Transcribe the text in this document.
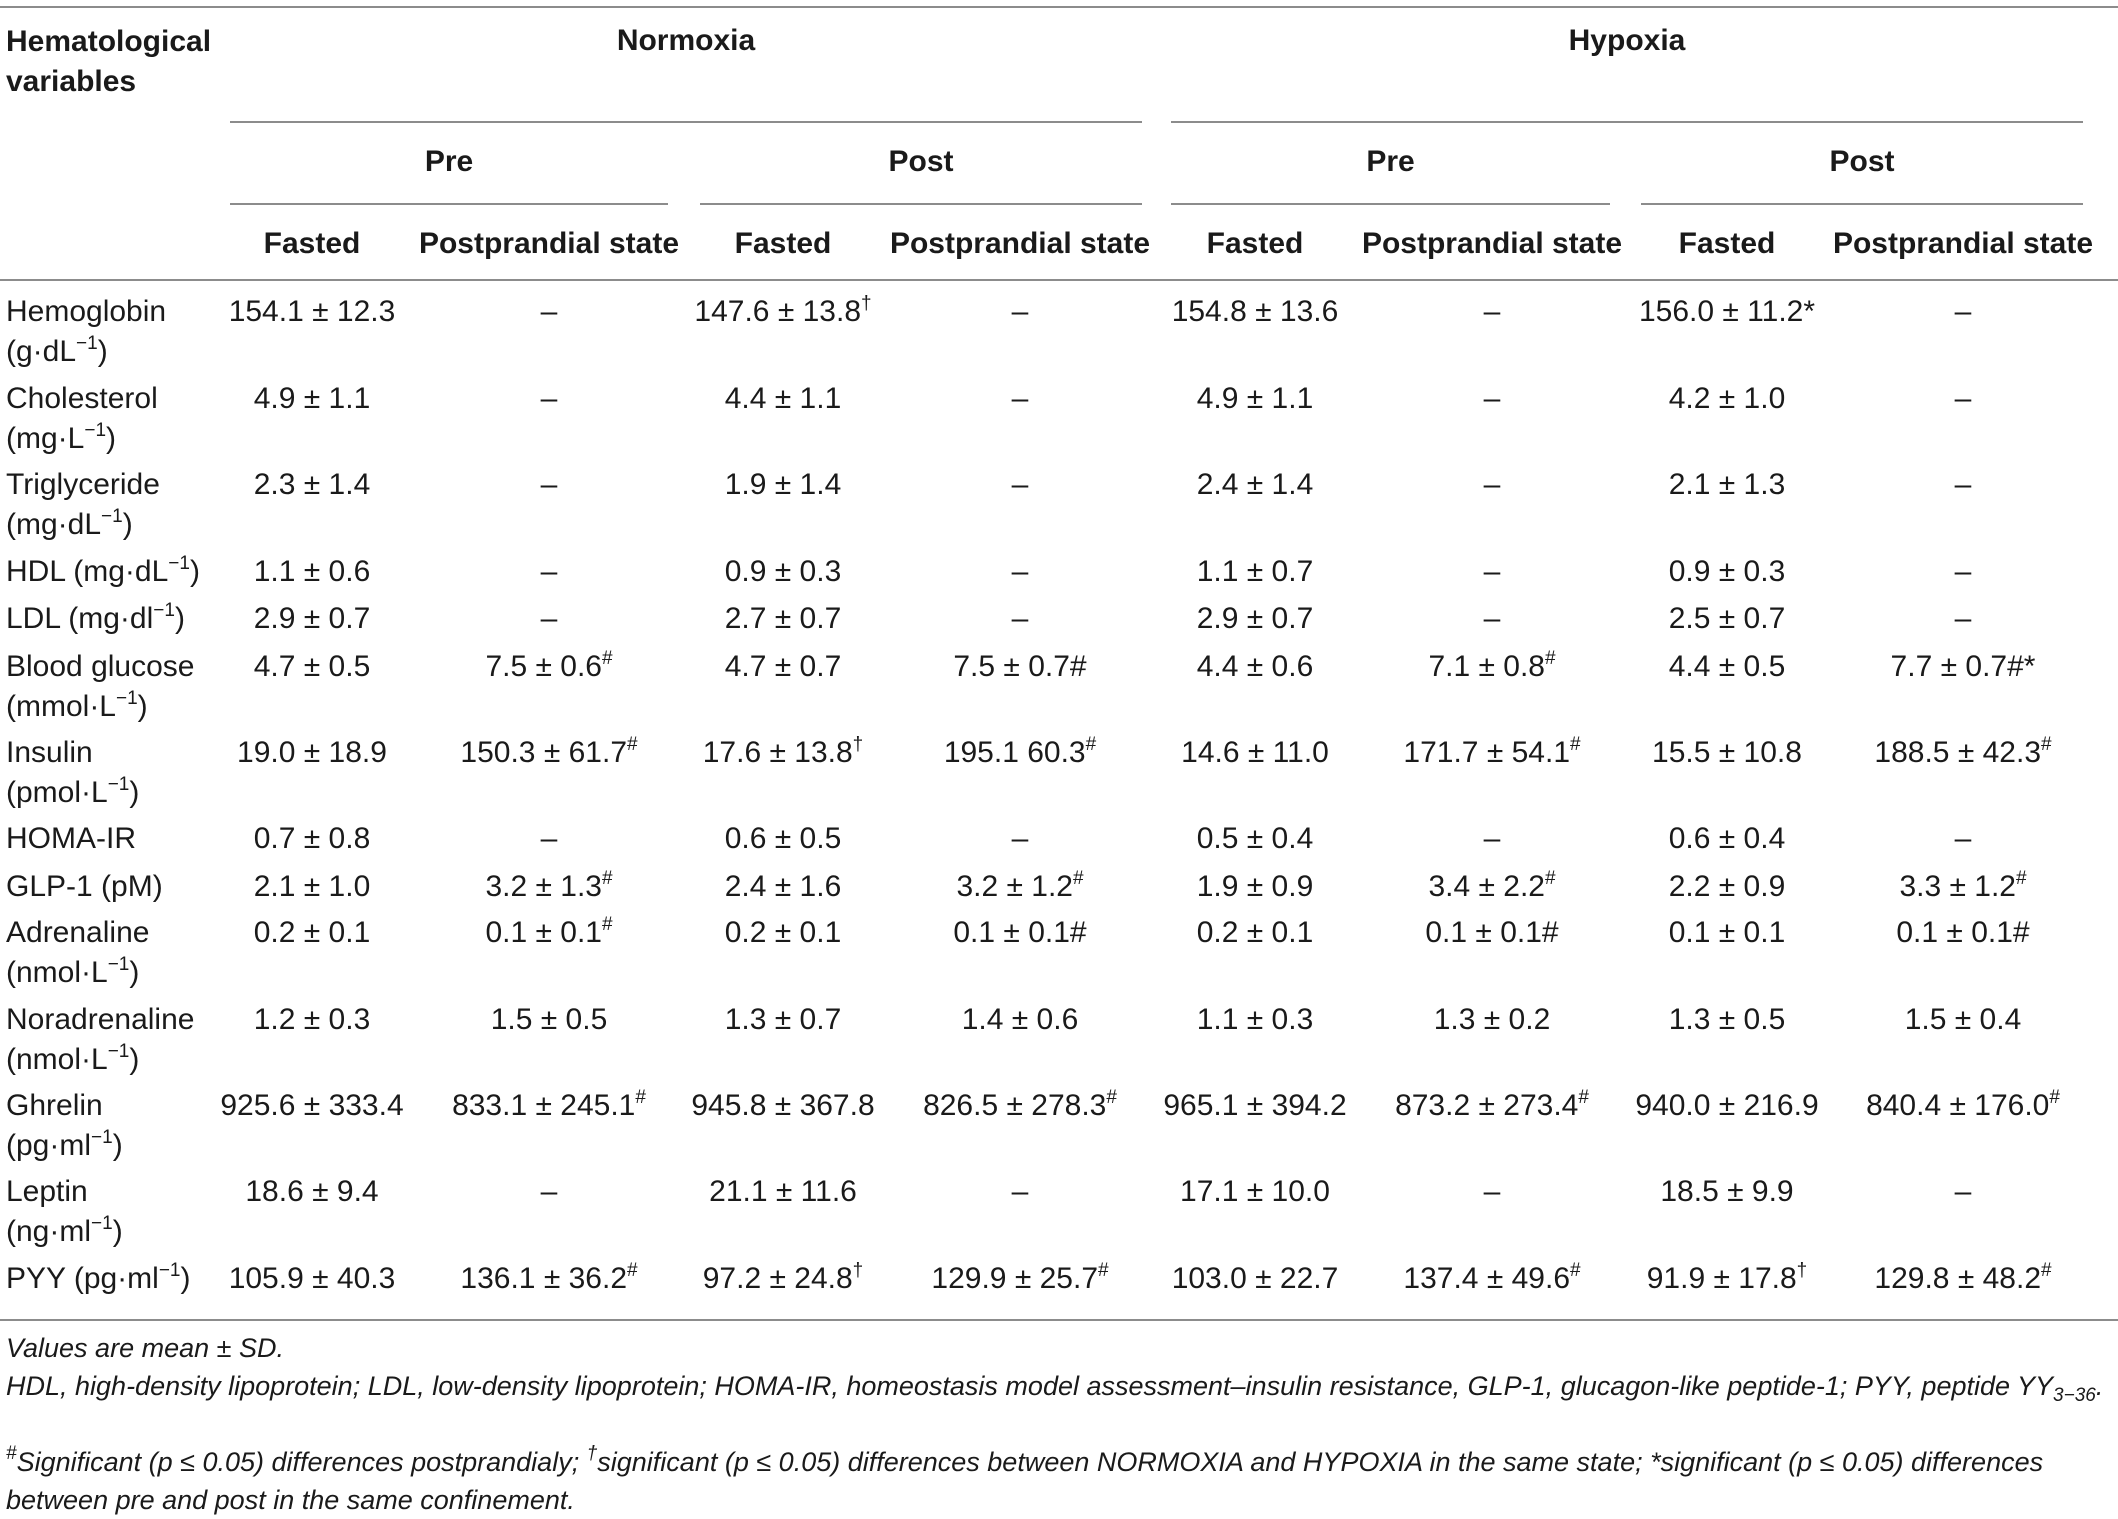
Hematological variables
Normoxia	Hypoxia
Pre	Post	Pre	Post
Fasted	Postprandial state	Fasted	Postprandial state	Fasted	Postprandial state	Fasted	Postprandial state
Hemoglobin
$(g\cdot dL^{-1})$
154.1 ± 12.3	–	147.6 ± 13.8†	–	154.8 ± 13.6	–	156.0 ± 11.2*	–
Cholesterol
$(mg\cdot L^{-1})$
4.9 ± 1.1	–	4.4 ± 1.1	–	4.9 ± 1.1	–	4.2 ± 1.0	–
Triglyceride
$(mg\cdot dL^{-1})$
2.3 ± 1.4	–	1.9 ± 1.4	–	2.4 ± 1.4	–	2.1 ± 1.3	–
HDL $(mg\cdot dL^{-1})$	1.1 ± 0.6	–	0.9 ± 0.3	–	1.1 ± 0.7	–	0.9 ± 0.3	–
LDL $(mg\cdot dl^{-1})$	2.9 ± 0.7	–	2.7 ± 0.7	–	2.9 ± 0.7	–	2.5 ± 0.7	–
Blood glucose
$(mmol\cdot L^{-1})$
4.7 ± 0.5	7.5 ± 0.6#	4.7 ± 0.7	7.5 ± 0.7#	4.4 ± 0.6	7.1 ± 0.8#	4.4 ± 0.5	7.7 ± 0.7#*
Insulin
$(pmol\cdot L^{-1})$
19.0 ± 18.9	150.3 ± 61.7#	17.6 ± 13.8†	195.1 60.3#	14.6 ± 11.0	171.7 ± 54.1#	15.5 ± 10.8	188.5 ± 42.3#
HOMA-IR	0.7 ± 0.8	–	0.6 ± 0.5	–	0.5 ± 0.4	–	0.6 ± 0.4	–
GLP-1 (pM)	2.1 ± 1.0	3.2 ± 1.3#	2.4 ± 1.6	3.2 ± 1.2#	1.9 ± 0.9	3.4 ± 2.2#	2.2 ± 0.9	3.3 ± 1.2#
Adrenaline
$(nmol\cdot L^{-1})$
0.2 ± 0.1	0.1 ± 0.1#	0.2 ± 0.1	0.1 ± 0.1#	0.2 ± 0.1	0.1 ± 0.1#	0.1 ± 0.1	0.1 ± 0.1#
Noradrenaline
$(nmol\cdot L^{-1})$
1.2 ± 0.3	1.5 ± 0.5	1.3 ± 0.7	1.4 ± 0.6	1.1 ± 0.3	1.3 ± 0.2	1.3 ± 0.5	1.5 ± 0.4
Ghrelin
$(pg\cdot ml^{-1})$
925.6 ± 333.4	833.1 ± 245.1#	945.8 ± 367.8	826.5 ± 278.3#	965.1 ± 394.2	873.2 ± 273.4#	940.0 ± 216.9	840.4 ± 176.0#
Leptin
$(ng\cdot ml^{-1})$
18.6 ± 9.4	–	21.1 ± 11.6	–	17.1 ± 10.0	–	18.5 ± 9.9	–
PYY $(pg\cdot ml^{-1})$	105.9 ± 40.3	136.1 ± 36.2#	97.2 ± 24.8†	129.9 ± 25.7#	103.0 ± 22.7	137.4 ± 49.6#	91.9 ± 17.8†	129.8 ± 48.2#
Values are mean ± SD.
HDL, high-density lipoprotein; LDL, low-density lipoprotein; HOMA-IR, homeostasis model assessment–insulin resistance, GLP-1, glucagon-like peptide-1; PYY, peptide $YY_{3-36}$.
#Significant (p ≤ 0.05) differences postprandialy; †significant (p ≤ 0.05) differences between NORMOXIA and HYPOXIA in the same state; *significant (p ≤ 0.05) differences between pre and post in the same confinement.
